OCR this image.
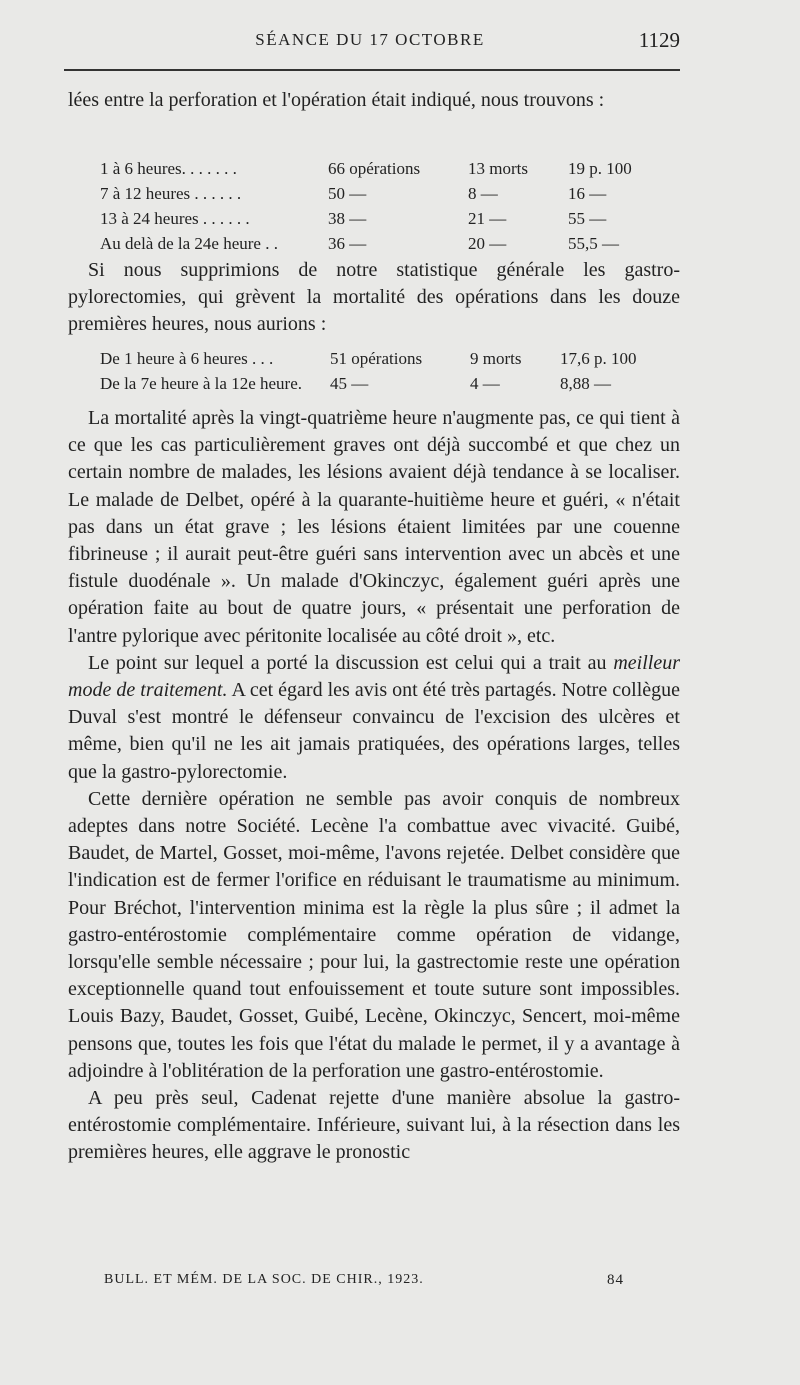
SÉANCE DU 17 OCTOBRE	1129

lées entre la perforation et l'opération était indiqué, nous trouvons :

1 à 6 heures. . . . . . .	66 opérations	13 morts	19 p. 100
7 à 12 heures . . . . . .	50 —	8 —	16 —
13 à 24 heures . . . . . .	38 —	21 —	55 —
Au delà de la 24e heure . .	36 —	20 —	55,5 —

Si nous supprimions de notre statistique générale les gastro-pylorectomies, qui grèvent la mortalité des opérations dans les douze premières heures, nous aurions :

De 1 heure à 6 heures . . .	51 opérations	9 morts	17,6 p. 100
De la 7e heure à la 12e heure.	45 —	4 —	8,88 —

La mortalité après la vingt-quatrième heure n'augmente pas, ce qui tient à ce que les cas particulièrement graves ont déjà succombé et que chez un certain nombre de malades, les lésions avaient déjà tendance à se localiser. Le malade de Delbet, opéré à la quarante-huitième heure et guéri, « n'était pas dans un état grave ; les lésions étaient limitées par une couenne fibrineuse ; il aurait peut-être guéri sans intervention avec un abcès et une fistule duodénale ». Un malade d'Okinczyc, également guéri après une opération faite au bout de quatre jours, « présentait une perforation de l'antre pylorique avec péritonite localisée au côté droit », etc.

Le point sur lequel a porté la discussion est celui qui a trait au meilleur mode de traitement. A cet égard les avis ont été très partagés. Notre collègue Duval s'est montré le défenseur convaincu de l'excision des ulcères et même, bien qu'il ne les ait jamais pratiquées, des opérations larges, telles que la gastro-pylorectomie.

Cette dernière opération ne semble pas avoir conquis de nombreux adeptes dans notre Société. Lecène l'a combattue avec vivacité. Guibé, Baudet, de Martel, Gosset, moi-même, l'avons rejetée. Delbet considère que l'indication est de fermer l'orifice en réduisant le traumatisme au minimum. Pour Bréchot, l'intervention minima est la règle la plus sûre ; il admet la gastro-entérostomie complémentaire comme opération de vidange, lorsqu'elle semble nécessaire ; pour lui, la gastrectomie reste une opération exceptionnelle quand tout enfouissement et toute suture sont impossibles. Louis Bazy, Baudet, Gosset, Guibé, Lecène, Okinczyc, Sencert, moi-même pensons que, toutes les fois que l'état du malade le permet, il y a avantage à adjoindre à l'oblitération de la perforation une gastro-entérostomie.

A peu près seul, Cadenat rejette d'une manière absolue la gastro-entérostomie complémentaire. Inférieure, suivant lui, à la résection dans les premières heures, elle aggrave le pronostic

BULL. ET MÉM. DE LA SOC. DE CHIR., 1923.	84
